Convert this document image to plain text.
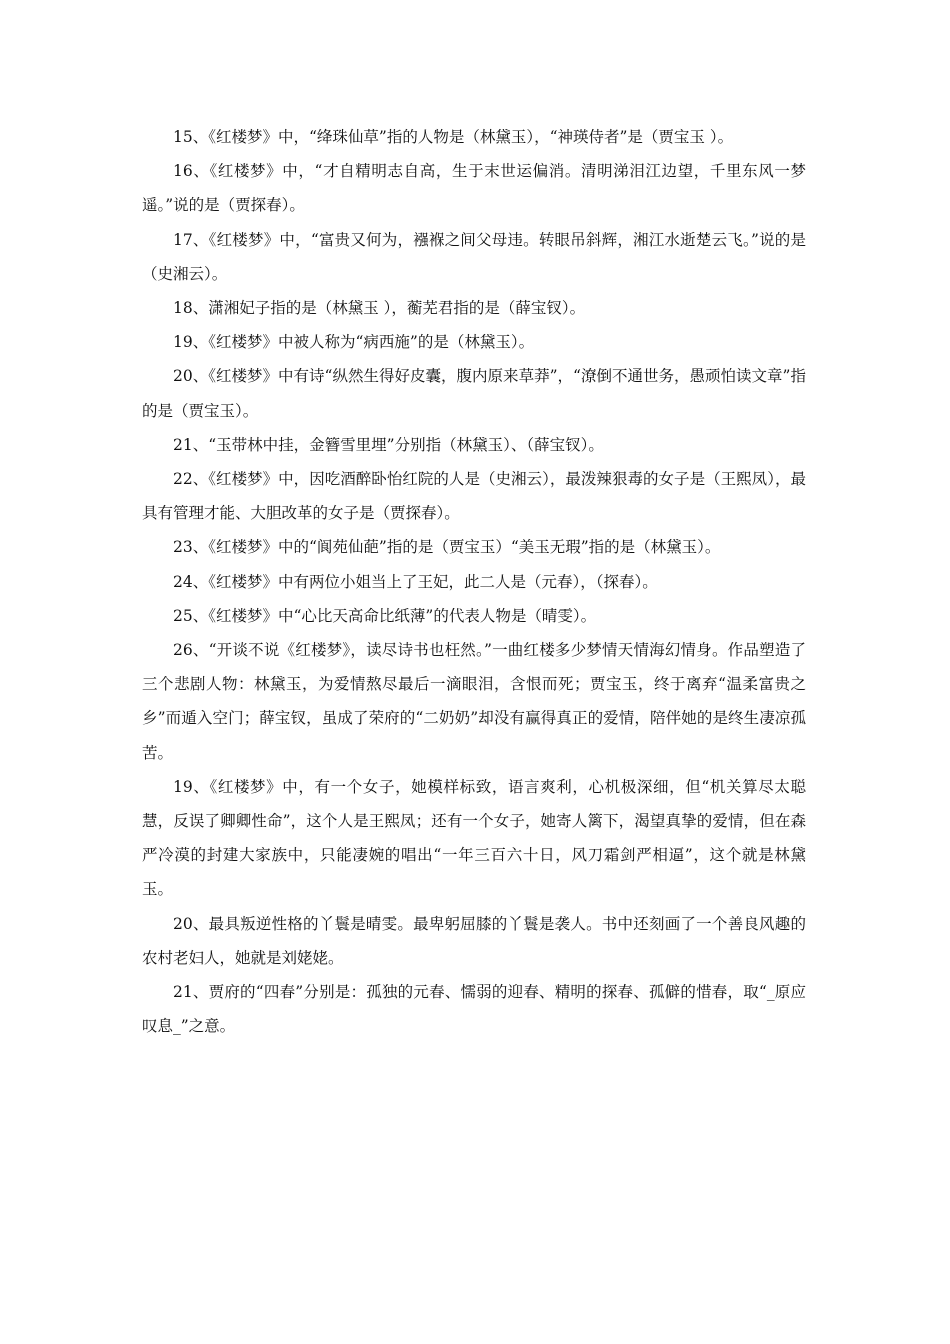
15、《红楼梦》中，“绛珠仙草”指的人物是（林黛玉），“神瑛侍者”是（贾宝玉 ）。

16、《红楼梦》中，“才自精明志自高，生于末世运偏消。清明涕泪江边望，千里东风一梦遥。”说的是（贾探春）。

17、《红楼梦》中，“富贵又何为，襁褓之间父母违。转眼吊斜辉，湘江水逝楚云飞。”说的是（史湘云）。

18、潇湘妃子指的是（林黛玉 ），蘅芜君指的是（薛宝钗）。

19、《红楼梦》中被人称为“病西施”的是（林黛玉）。

20、《红楼梦》中有诗“纵然生得好皮囊，腹内原来草莽”，“潦倒不通世务，愚顽怕读文章”指的是（贾宝玉）。

21、“玉带林中挂，金簪雪里埋”分别指（林黛玉）、（薛宝钗）。

22、《红楼梦》中，因吃酒醉卧怡红院的人是（史湘云），最泼辣狠毒的女子是（王熙凤），最具有管理才能、大胆改革的女子是（贾探春）。

23、《红楼梦》中的“阆苑仙葩”指的是（贾宝玉）“美玉无瑕”指的是（林黛玉）。

24、《红楼梦》中有两位小姐当上了王妃，此二人是（元春），（探春）。

25、《红楼梦》中“心比天高命比纸薄”的代表人物是（晴雯）。

26、“开谈不说《红楼梦》，读尽诗书也枉然。”一曲红楼多少梦情天情海幻情身。作品塑造了三个悲剧人物：林黛玉，为爱情熬尽最后一滴眼泪，含恨而死；贾宝玉，终于离弃“温柔富贵之乡”而遁入空门；薛宝钗，虽成了荣府的“二奶奶”却没有赢得真正的爱情，陪伴她的是终生凄凉孤苦。

19、《红楼梦》中，有一个女子，她模样标致，语言爽利，心机极深细，但“机关算尽太聪慧，反误了卿卿性命”，这个人是王熙凤；还有一个女子，她寄人篱下，渴望真挚的爱情，但在森严冷漠的封建大家族中，只能凄婉的唱出“一年三百六十日，风刀霜剑严相逼”，这个就是林黛玉。

20、最具叛逆性格的丫鬟是晴雯。最卑躬屈膝的丫鬟是袭人。书中还刻画了一个善良风趣的农村老妇人，她就是刘姥姥。

21、贾府的“四春”分别是：孤独的元春、懦弱的迎春、精明的探春、孤僻的惜春，取“_原应叹息_”之意。
